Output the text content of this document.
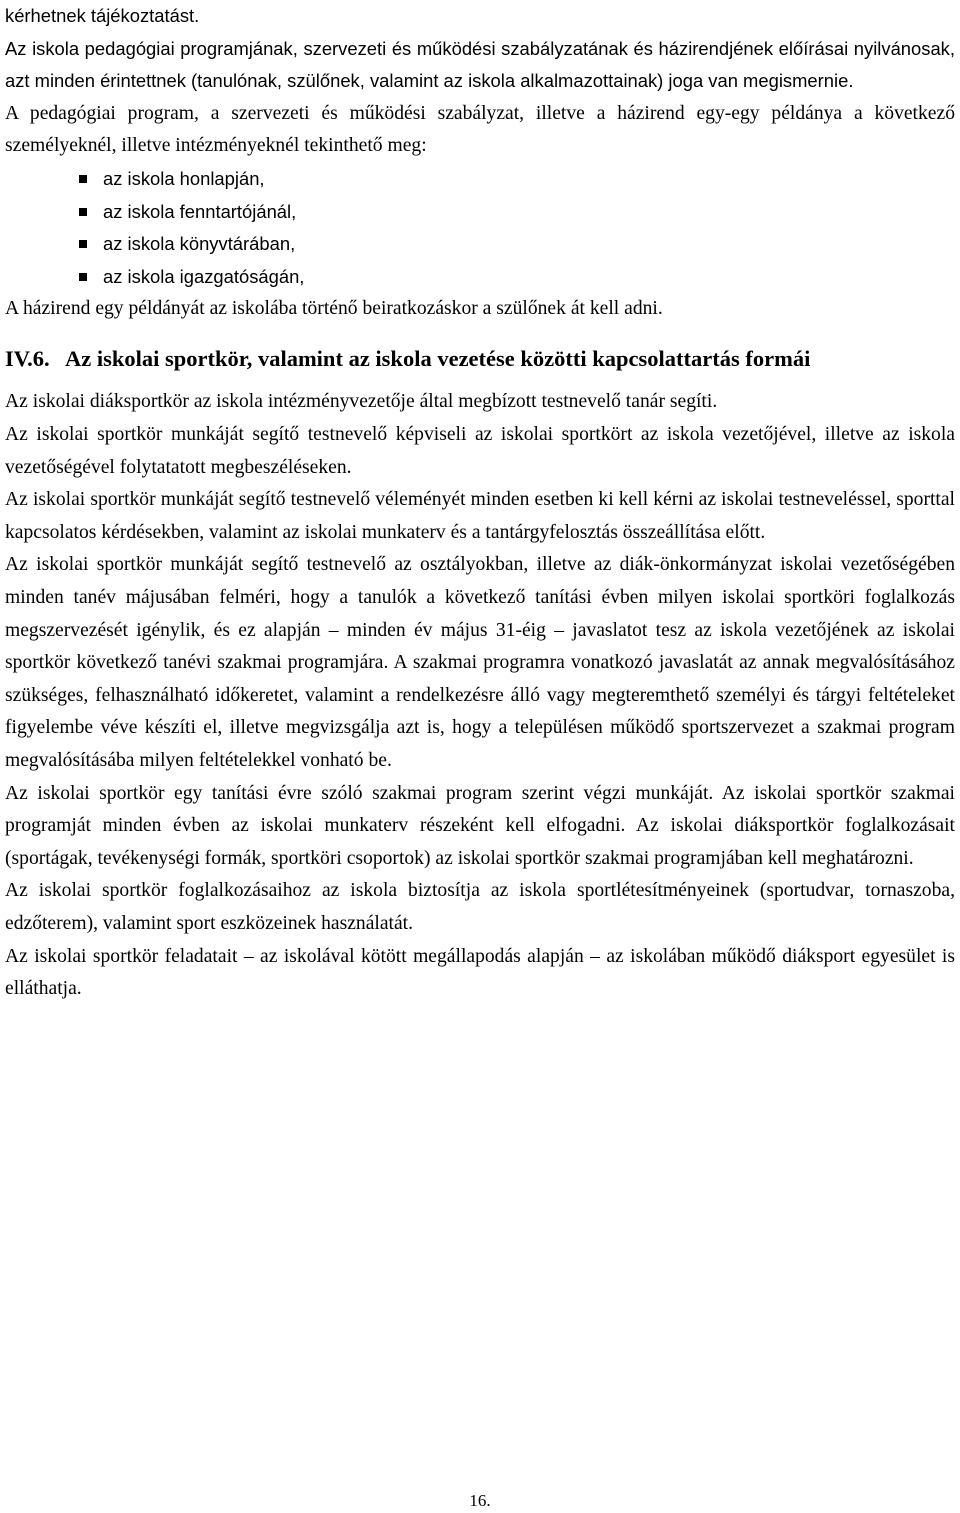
kérhetnek tájékoztatást.

Az iskola pedagógiai programjának, szervezeti és működési szabályzatának és házirendjének előírásai nyilvánosak, azt minden érintettnek (tanulónak, szülőnek, valamint az iskola alkalmazottainak) joga van megismernie.

A pedagógiai program, a szervezeti és működési szabályzat, illetve a házirend egy-egy példánya a következő személyeknél, illetve intézményeknél tekinthető meg:

az iskola honlapján,
az iskola fenntartójánál,
az iskola könyvtárában,
az iskola igazgatóságán,

A házirend egy példányát az iskolába történő beiratkozáskor a szülőnek át kell adni.

IV.6. Az iskolai sportkör, valamint az iskola vezetése közötti kapcsolattartás formái

Az iskolai diáksportkör az iskola intézményvezetője által megbízott testnevelő tanár segíti.

Az iskolai sportkör munkáját segítő testnevelő képviseli az iskolai sportkört az iskola vezetőjével, illetve az iskola vezetőségével folytatatott megbeszéléseken.

Az iskolai sportkör munkáját segítő testnevelő véleményét minden esetben ki kell kérni az iskolai testneveléssel, sporttal kapcsolatos kérdésekben, valamint az iskolai munkaterv és a tantárgyfelosztás összeállítása előtt.

Az iskolai sportkör munkáját segítő testnevelő az osztályokban, illetve az diák-önkormányzat iskolai vezetőségében minden tanév májusában felméri, hogy a tanulók a következő tanítási évben milyen iskolai sportköri foglalkozás megszervezését igénylik, és ez alapján – minden év május 31-éig – javaslatot tesz az iskola vezetőjének az iskolai sportkör következő tanévi szakmai programjára. A szakmai programra vonatkozó javaslatát az annak megvalósításához szükséges, felhasználható időkeretet, valamint a rendelkezésre álló vagy megteremthető személyi és tárgyi feltételeket figyelembe véve készíti el, illetve megvizsgálja azt is, hogy a településen működő sportszervezet a szakmai program megvalósításába milyen feltételekkel vonható be.

Az iskolai sportkör egy tanítási évre szóló szakmai program szerint végzi munkáját. Az iskolai sportkör szakmai programját minden évben az iskolai munkaterv részeként kell elfogadni. Az iskolai diáksportkör foglalkozásait (sportágak, tevékenységi formák, sportköri csoportok) az iskolai sportkör szakmai programjában kell meghatározni.

Az iskolai sportkör foglalkozásaihoz az iskola biztosítja az iskola sportlétesítményeinek (sportudvar, tornaszoba, edzőterem), valamint sport eszközeinek használatát.

Az iskolai sportkör feladatait – az iskolával kötött megállapodás alapján – az iskolában működő diáksport egyesület is elláthatja.

16.
